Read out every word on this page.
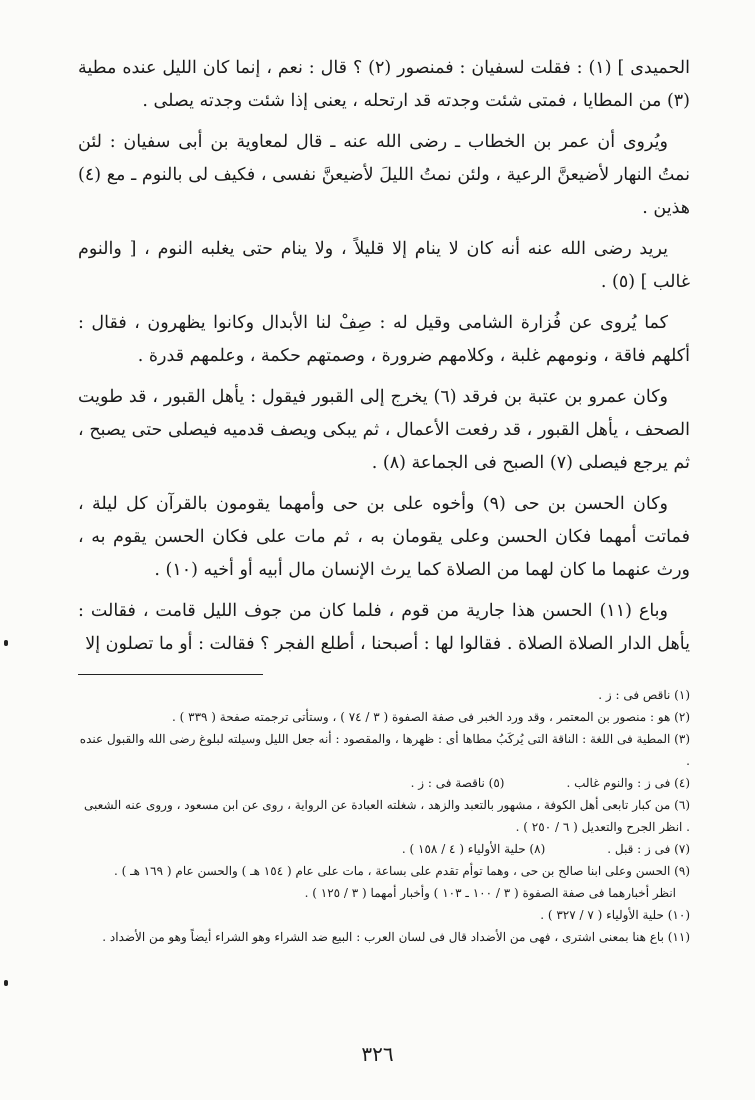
الحميدى ] (١) : فقلت لسفيان : فمنصور (٢) ؟ قال : نعم ، إنما كان الليل عنده مطية (٣) من المطايا ، فمتى شئت وجدته قد ارتحله ، يعنى إذا شئت وجدته يصلى .

ويُروى أن عمر بن الخطاب ـ رضى الله عنه ـ قال لمعاوية بن أبى سفيان : لئن نمتُ النهار لأضيعنَّ الرعية ، ولئن نمتُ الليلَ لأضيعنَّ نفسى ، فكيف لى بالنوم ـ مع (٤) هذين .

يريد رضى الله عنه أنه كان لا ينام إلا قليلاً ، ولا ينام حتى يغلبه النوم ، [ والنوم غالب ] (٥) .

كما يُروى عن فُزارة الشامى وقيل له : صِفْ لنا الأبدال وكانوا يظهرون ، فقال : أكلهم فاقة ، ونومهم غلبة ، وكلامهم ضرورة ، وصمتهم حكمة ، وعلمهم قدرة .

وكان عمرو بن عتبة بن فرقد (٦) يخرج إلى القبور فيقول : يأهل القبور ، قد طويت الصحف ، يأهل القبور ، قد رفعت الأعمال ، ثم يبكى ويصف قدميه فيصلى حتى يصبح ، ثم يرجع فيصلى (٧) الصبح فى الجماعة (٨) .

وكان الحسن بن حى (٩) وأخوه على بن حى وأمهما يقومون بالقرآن كل ليلة ، فماتت أمهما فكان الحسن وعلى يقومان به ، ثم مات على فكان الحسن يقوم به ، ورث عنهما ما كان لهما من الصلاة كما يرث الإنسان مال أبيه أو أخيه (١٠) .

وباع (١١) الحسن هذا جارية من قوم ، فلما كان من جوف الليل قامت ، فقالت : يأهل الدار الصلاة الصلاة . فقالوا لها : أصبحنا ، أطلع الفجر ؟ فقالت : أو ما تصلون إلا

(١) ناقص فى : ز .

(٢) هو : منصور بن المعتمر ، وقد ورد الخبر فى صفة الصفوة ( ٣ / ٧٤ ) ، وستأتى ترجمته صفحة ( ٣٣٩ ) .

(٣) المطية فى اللغة : الناقة التى يُركَبُ مطاها أى : ظهرها ، والمقصود : أنه جعل الليل وسيلته لبلوغ رضى الله والقبول عنده .

(٤) فى ز : والنوم غالب .

(٥) ناقصة فى : ز .

(٦) من كبار تابعى أهل الكوفة ، مشهور بالتعبد والزهد ، شغلته العبادة عن الرواية ، روى عن ابن مسعود ، وروى عنه الشعبى . انظر الجرح والتعديل ( ٦ / ٢٥٠ ) .

(٧) فى ز : قبل .

(٨) حلية الأولياء ( ٤ / ١٥٨ ) .

(٩) الحسن وعلى ابنا صالح بن حى ، وهما توأم تقدم على بساعة ، مات على عام ( ١٥٤ هـ ) والحسن عام ( ١٦٩ هـ ) .

انظر أخبارهما فى صفة الصفوة ( ٣ / ١٠٠ ـ ١٠٣ ) وأخبار أمهما ( ٣ / ١٢٥ ) .

(١٠) حلية الأولياء ( ٧ / ٣٢٧ ) .

(١١) باع هنا بمعنى اشترى ، فهى من الأضداد قال فى لسان العرب : البيع ضد الشراء وهو الشراء أيضاً وهو من الأضداد .

٣٢٦
